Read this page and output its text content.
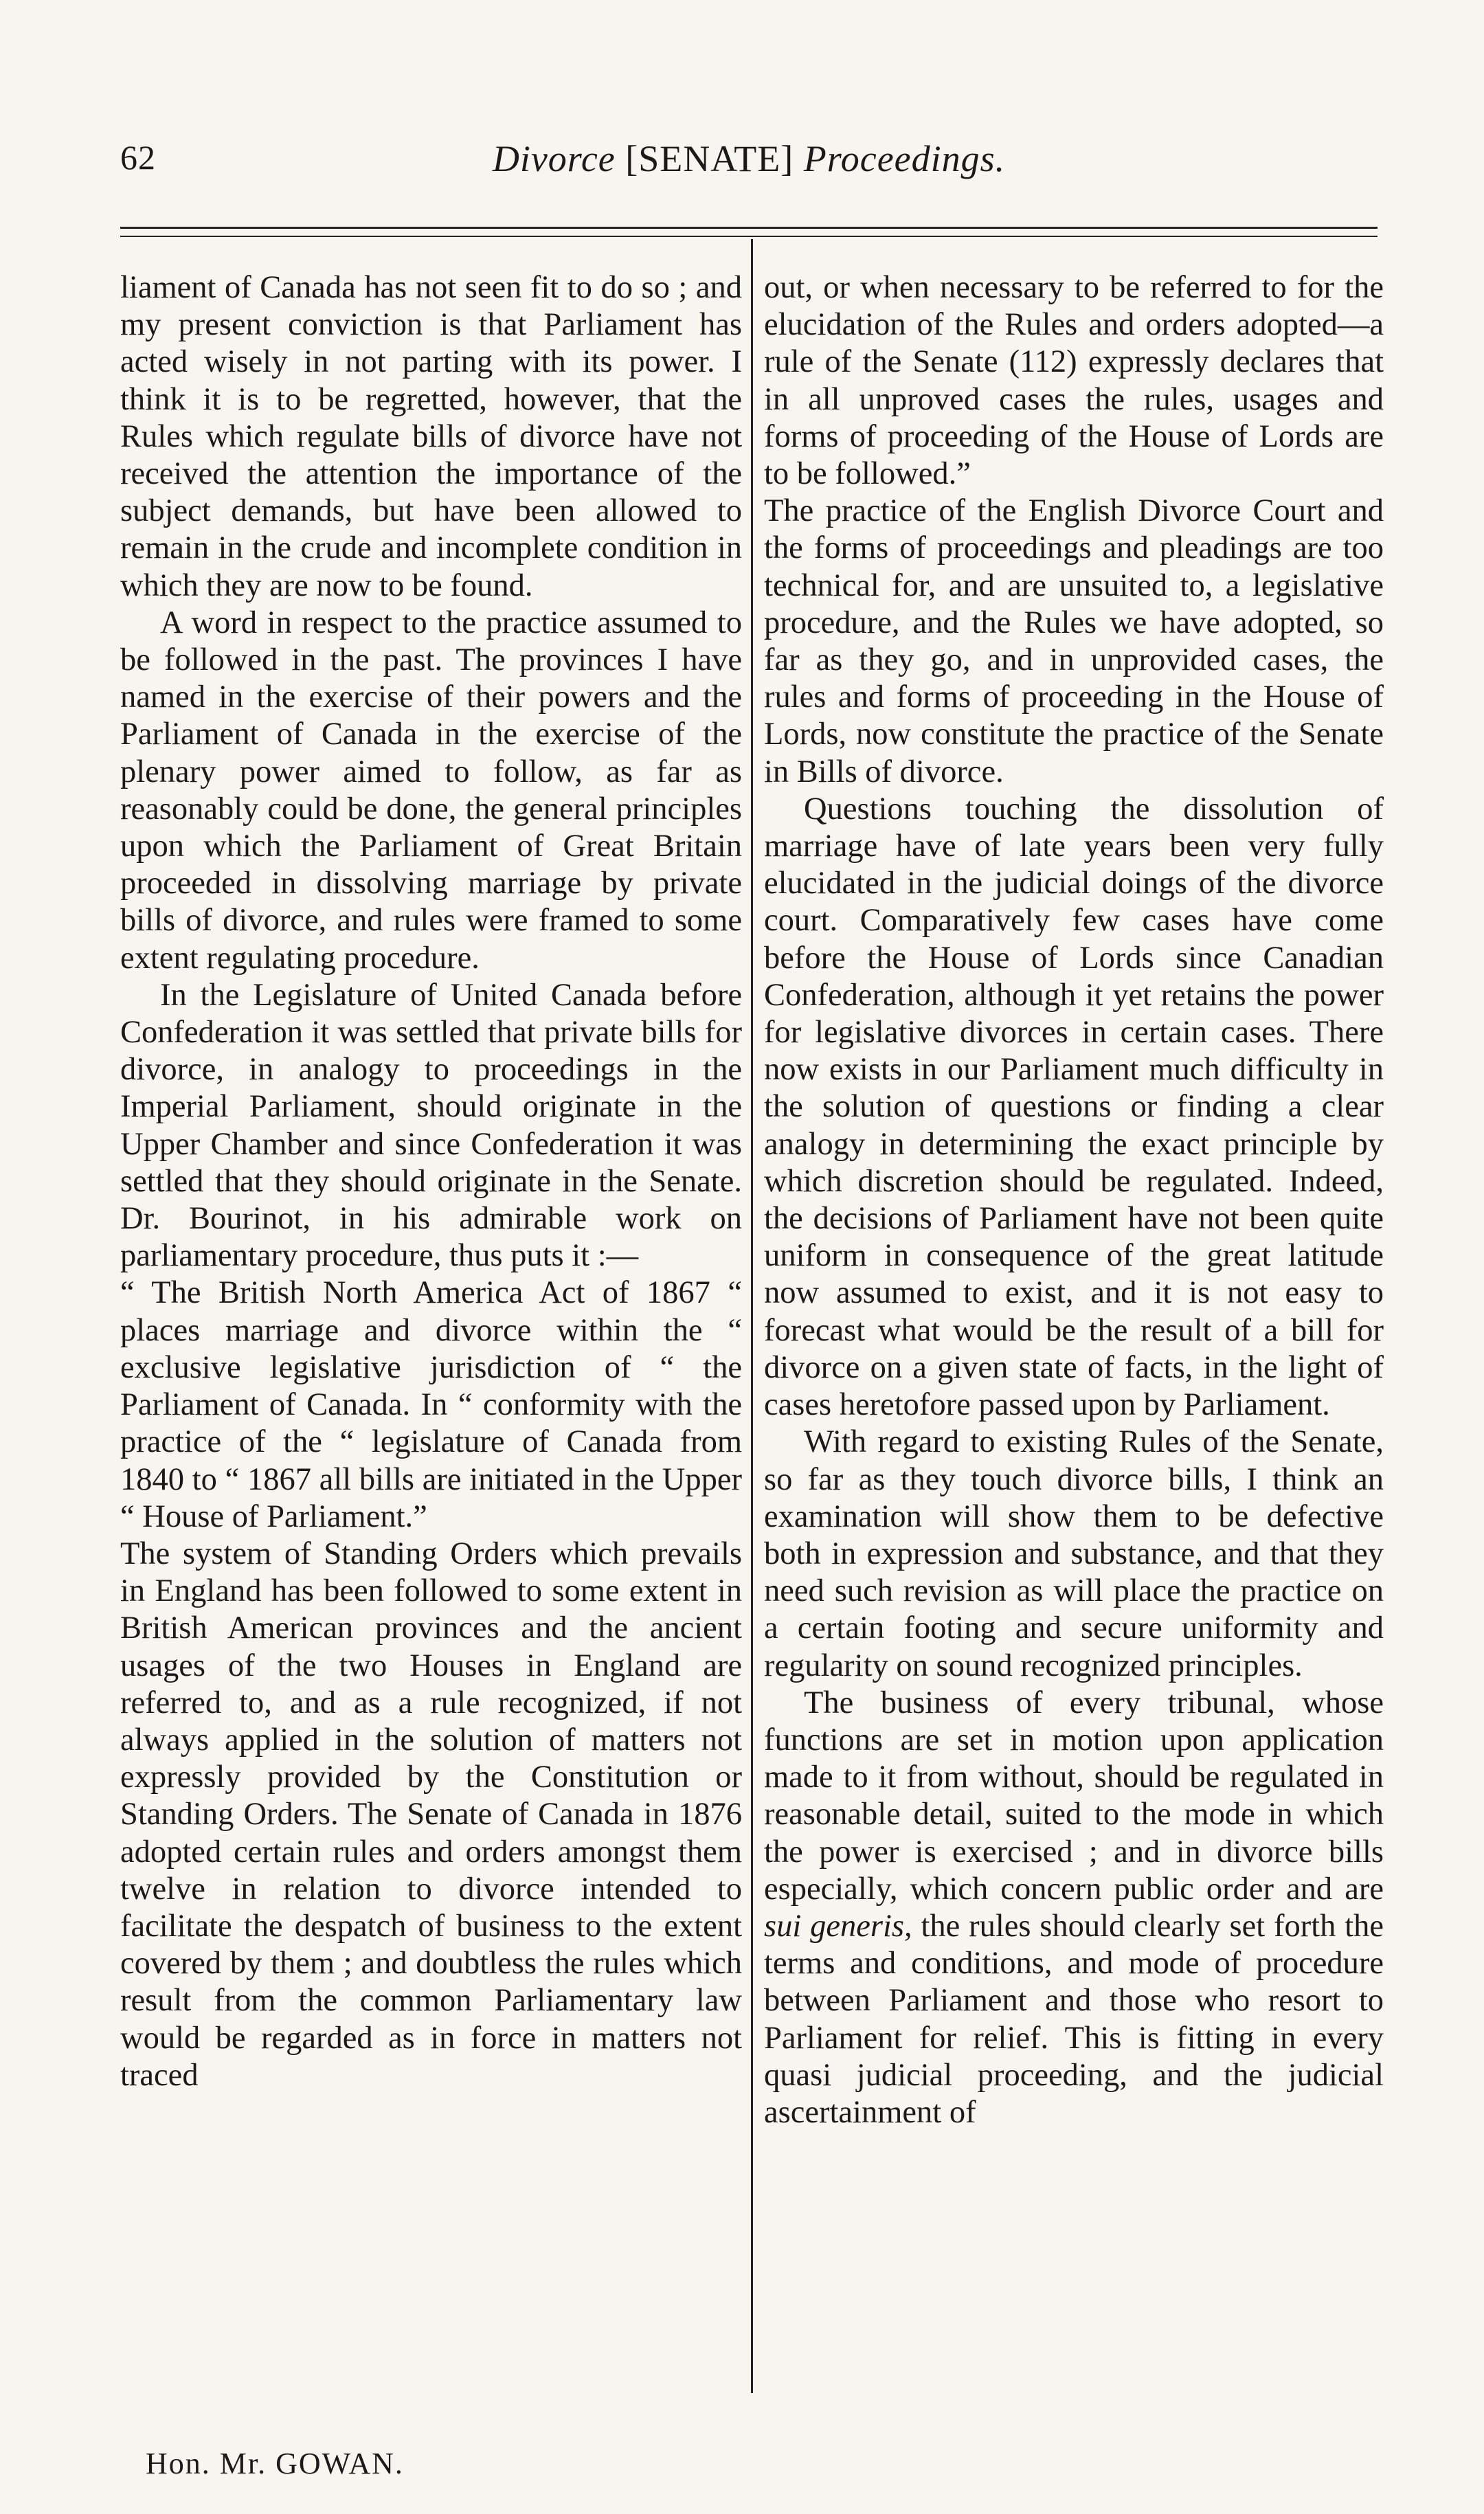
62	Divorce [SENATE] Proceedings.

liament of Canada has not seen fit to do so ; and my present conviction is that Parliament has acted wisely in not parting with its power. I think it is to be regretted, however, that the Rules which regulate bills of divorce have not received the attention the importance of the subject demands, but have been allowed to remain in the crude and incomplete condition in which they are now to be found.

A word in respect to the practice assumed to be followed in the past. The provinces I have named in the exercise of their powers and the Parliament of Canada in the exercise of the plenary power aimed to follow, as far as reasonably could be done, the general principles upon which the Parliament of Great Britain proceeded in dissolving marriage by private bills of divorce, and rules were framed to some extent regulating procedure.

In the Legislature of United Canada before Confederation it was settled that private bills for divorce, in analogy to proceedings in the Imperial Parliament, should originate in the Upper Chamber and since Confederation it was settled that they should originate in the Senate. Dr. Bourinot, in his admirable work on parliamentary procedure, thus puts it :—

“ The British North America Act of 1867 “ places marriage and divorce within the “ exclusive legislative jurisdiction of “ the Parliament of Canada. In “ conformity with the practice of the “ legislature of Canada from 1840 to “ 1867 all bills are initiated in the Upper “ House of Parliament.”

The system of Standing Orders which prevails in England has been followed to some extent in British American provinces and the ancient usages of the two Houses in England are referred to, and as a rule recognized, if not always applied in the solution of matters not expressly provided by the Constitution or Standing Orders. The Senate of Canada in 1876 adopted certain rules and orders amongst them twelve in relation to divorce intended to facilitate the despatch of business to the extent covered by them ; and doubtless the rules which result from the common Parliamentary law would be regarded as in force in matters not traced

out, or when necessary to be referred to for the elucidation of the Rules and orders adopted—a rule of the Senate (112) expressly declares that in all unproved cases the rules, usages and forms of proceeding of the House of Lords are to be followed.”

The practice of the English Divorce Court and the forms of proceedings and pleadings are too technical for, and are unsuited to, a legislative procedure, and the Rules we have adopted, so far as they go, and in unprovided cases, the rules and forms of proceeding in the House of Lords, now constitute the practice of the Senate in Bills of divorce.

Questions touching the dissolution of marriage have of late years been very fully elucidated in the judicial doings of the divorce court. Comparatively few cases have come before the House of Lords since Canadian Confederation, although it yet retains the power for legislative divorces in certain cases. There now exists in our Parliament much difficulty in the solution of questions or finding a clear analogy in determining the exact principle by which discretion should be regulated. Indeed, the decisions of Parliament have not been quite uniform in consequence of the great latitude now assumed to exist, and it is not easy to forecast what would be the result of a bill for divorce on a given state of facts, in the light of cases heretofore passed upon by Parliament.

With regard to existing Rules of the Senate, so far as they touch divorce bills, I think an examination will show them to be defective both in expression and substance, and that they need such revision as will place the practice on a certain footing and secure uniformity and regularity on sound recognized principles.

The business of every tribunal, whose functions are set in motion upon application made to it from without, should be regulated in reasonable detail, suited to the mode in which the power is exercised ; and in divorce bills especially, which concern public order and are sui generis, the rules should clearly set forth the terms and conditions, and mode of procedure between Parliament and those who resort to Parliament for relief. This is fitting in every quasi judicial proceeding, and the judicial ascertainment of

Hon. Mr. GOWAN.
